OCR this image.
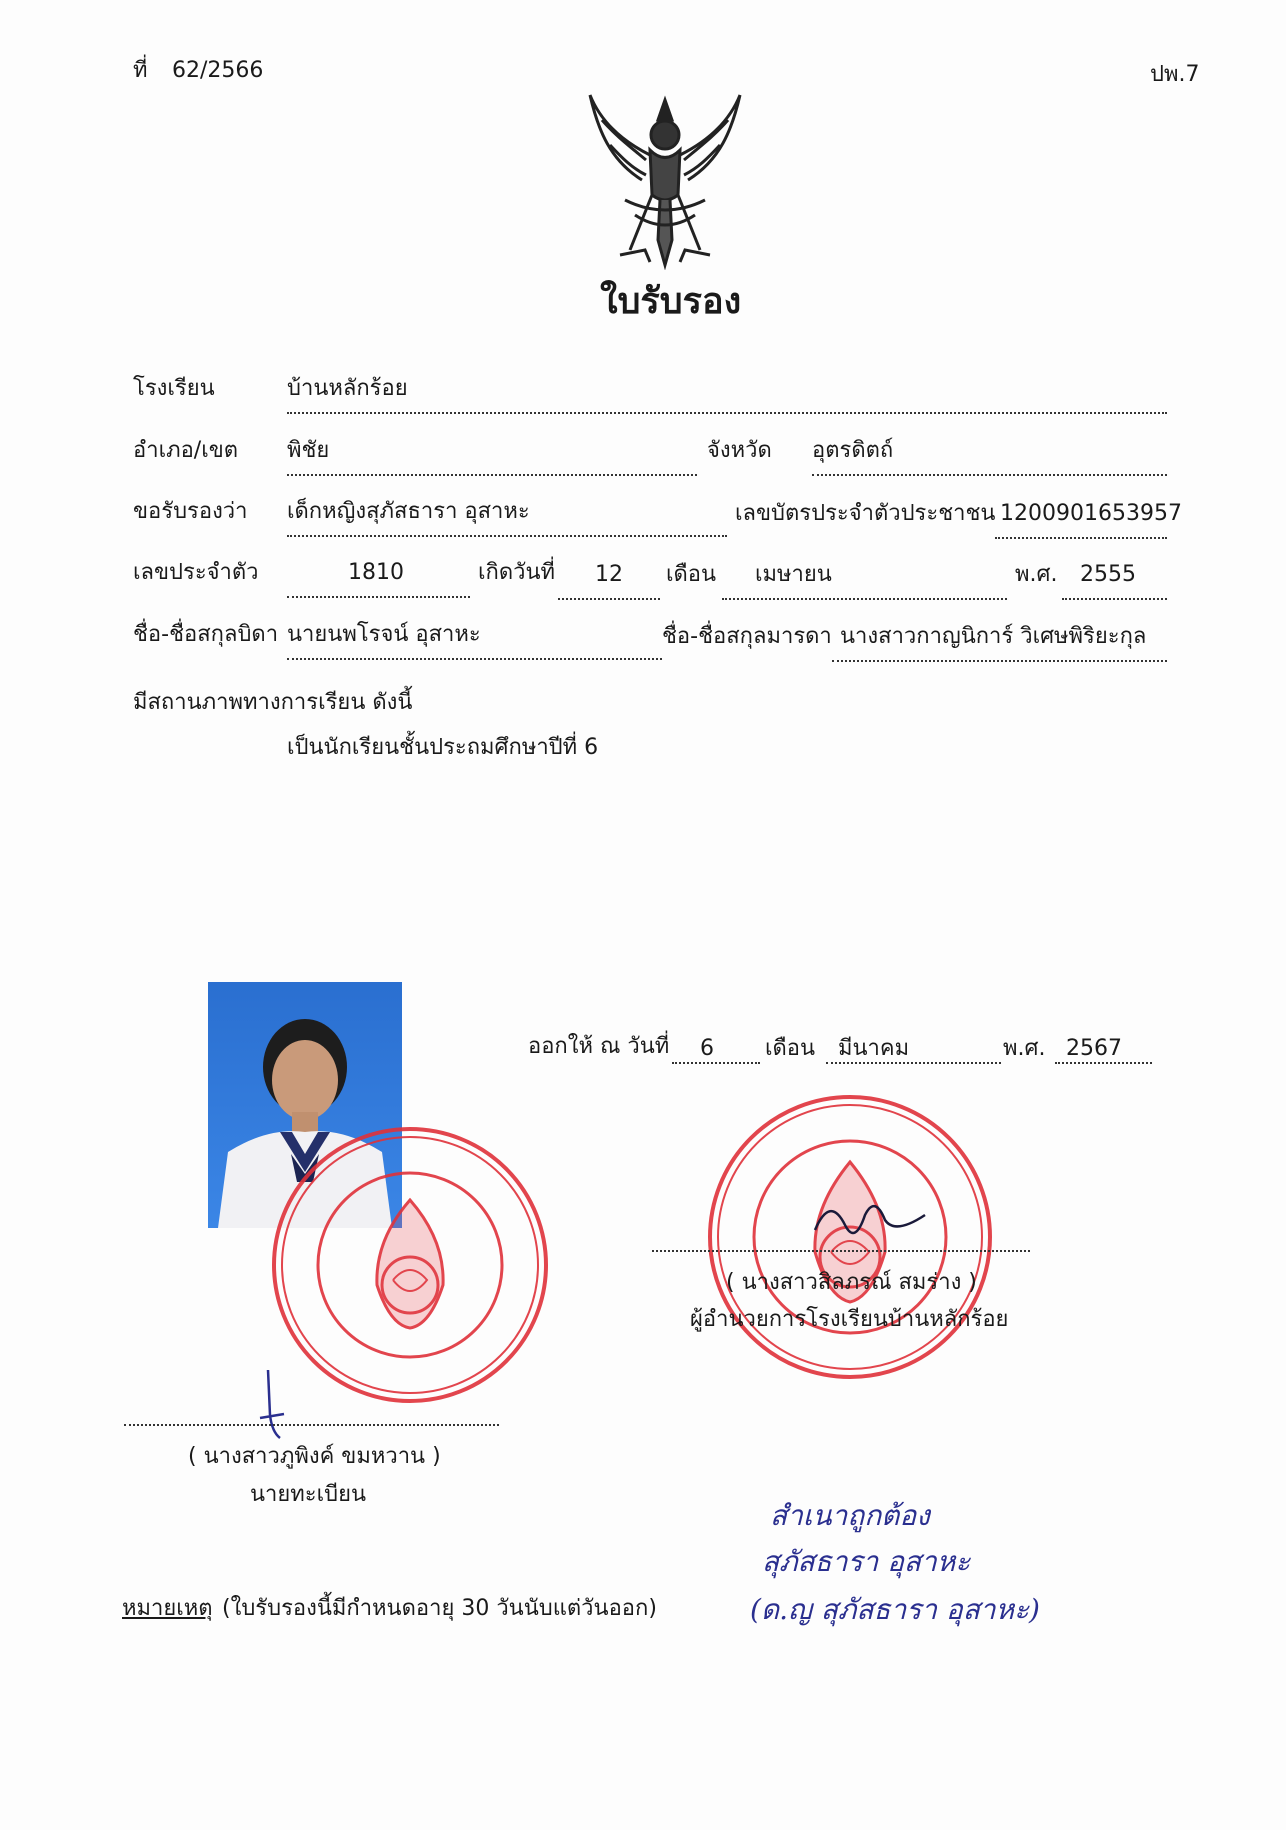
ที่ 62/2566	ปพ.7
ใบรับรอง
โรงเรียน	บ้านหลักร้อย
อำเภอ/เขต พิชัย	จังหวัด อุตรดิตถ์
ขอรับรองว่า เด็กหญิงสุภัสธารา อุสาหะ	เลขบัตรประจำตัวประชาชน 1200901653957
เลขประจำตัว	1810	เกิดวันที่ 12 เดือน เมษายน	พ.ศ. 2555
ชื่อ-ชื่อสกุลบิดา นายนพโรจน์ อุสาหะ	ชื่อ-ชื่อสกุลมารดา นางสาวกาญนิการ์ วิเศษพิริยะกุล
มีสถานภาพทางการเรียน ดังนี้
เป็นนักเรียนชั้นประถมศึกษาปีที่ 6
ออกให้ ณ วันที่ 6 เดือน มีนาคม	พ.ศ. 2567
( นางสาวสิลภรณ์ สมร่าง )
ผู้อำนวยการโรงเรียนบ้านหลักร้อย
( นางสาวภูพิงค์ ขมหวาน )
นายทะเบียน
หมายเหตุ (ใบรับรองนี้มีกำหนดอายุ 30 วันนับแต่วันออก)
สำเนาถูกต้อง
สุภัสธารา อุสาหะ
(ด.ญ สุภัสธารา อุสาหะ)
